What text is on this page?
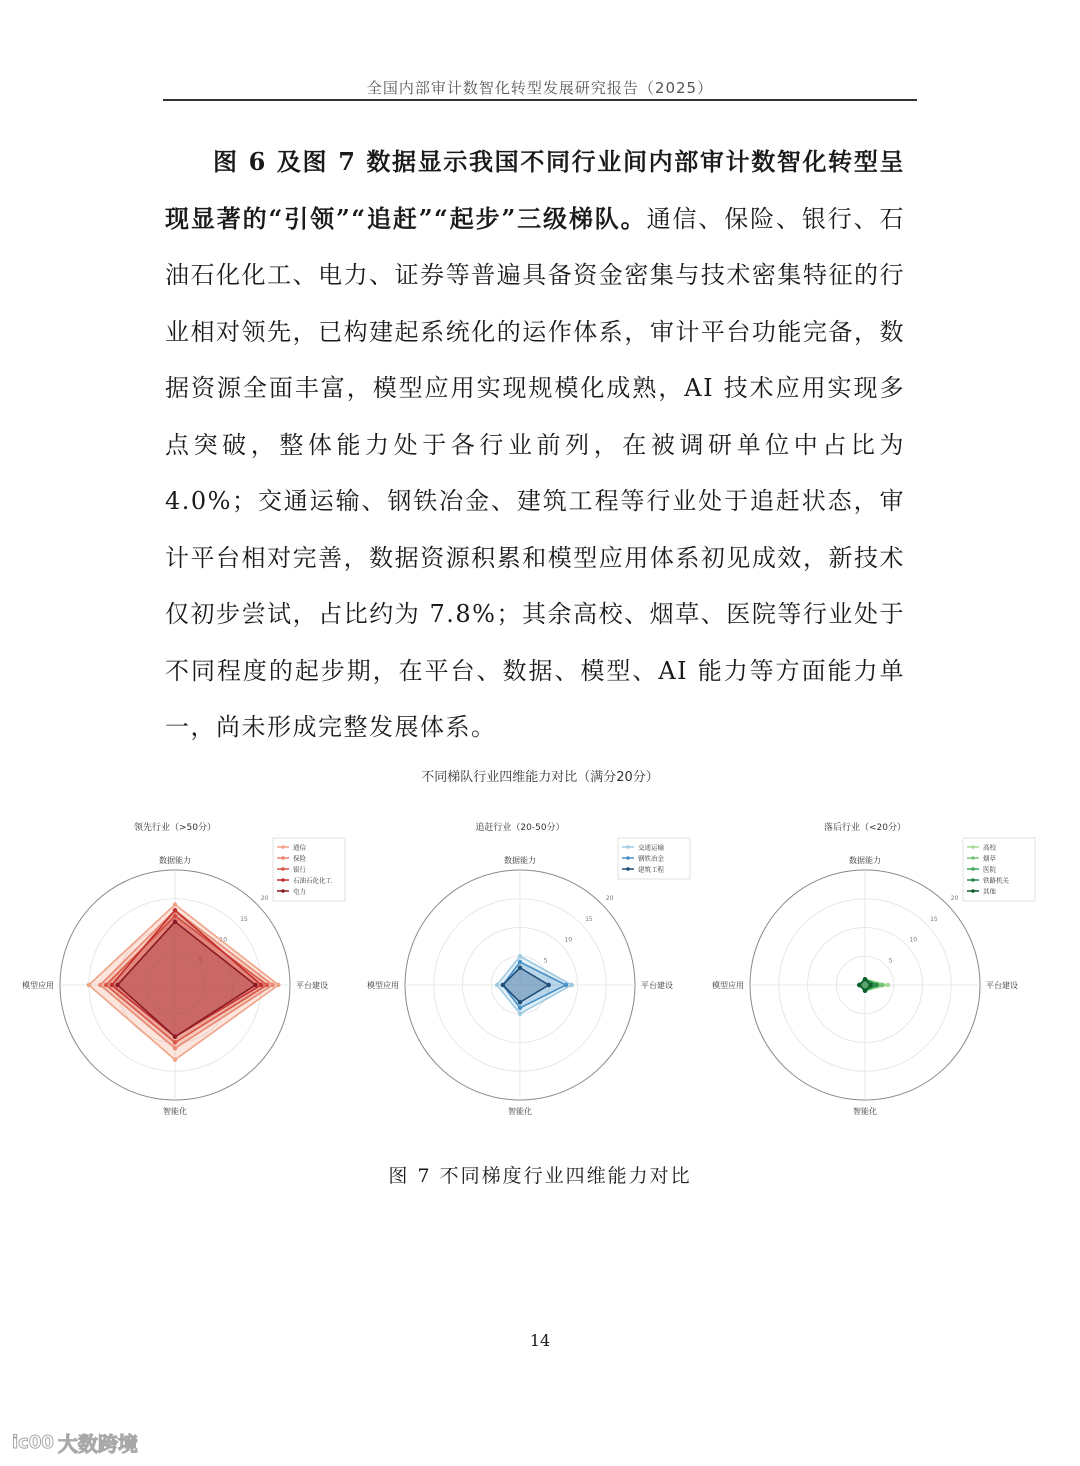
全国内部审计数智化转型发展研究报告（2025）

图 6 及图 7 数据显示我国不同行业间内部审计数智化转型呈现显著的“引领”“追赶”“起步”三级梯队。通信、保险、银行、石油石化化工、电力、证券等普遍具备资金密集与技术密集特征的行业相对领先，已构建起系统化的运作体系，审计平台功能完备，数据资源全面丰富，模型应用实现规模化成熟，AI 技术应用实现多点突破，整体能力处于各行业前列，在被调研单位中占比为 4.0%；交通运输、钢铁冶金、建筑工程等行业处于追赶状态，审计平台相对完善，数据资源积累和模型应用体系初见成效，新技术仅初步尝试，占比约为 7.8%；其余高校、烟草、医院等行业处于不同程度的起步期，在平台、数据、模型、AI 能力等方面能力单一，尚未形成完整发展体系。

不同梯队行业四维能力对比（满分20分）
领先行业（>50分）
5
10
15
20
数据能力
平台建设
智能化
模型应用
通信
保险
银行
石油石化化工
电力
追赶行业（20-50分）
5
10
15
20
数据能力
平台建设
智能化
模型应用
交通运输
钢铁冶金
建筑工程
落后行业（<20分）
5
10
15
20
数据能力
平台建设
智能化
模型应用
高校
烟草
医院
铁路机关
其他
图 7 不同梯度行业四维能力对比
14
ic00 大数跨境
